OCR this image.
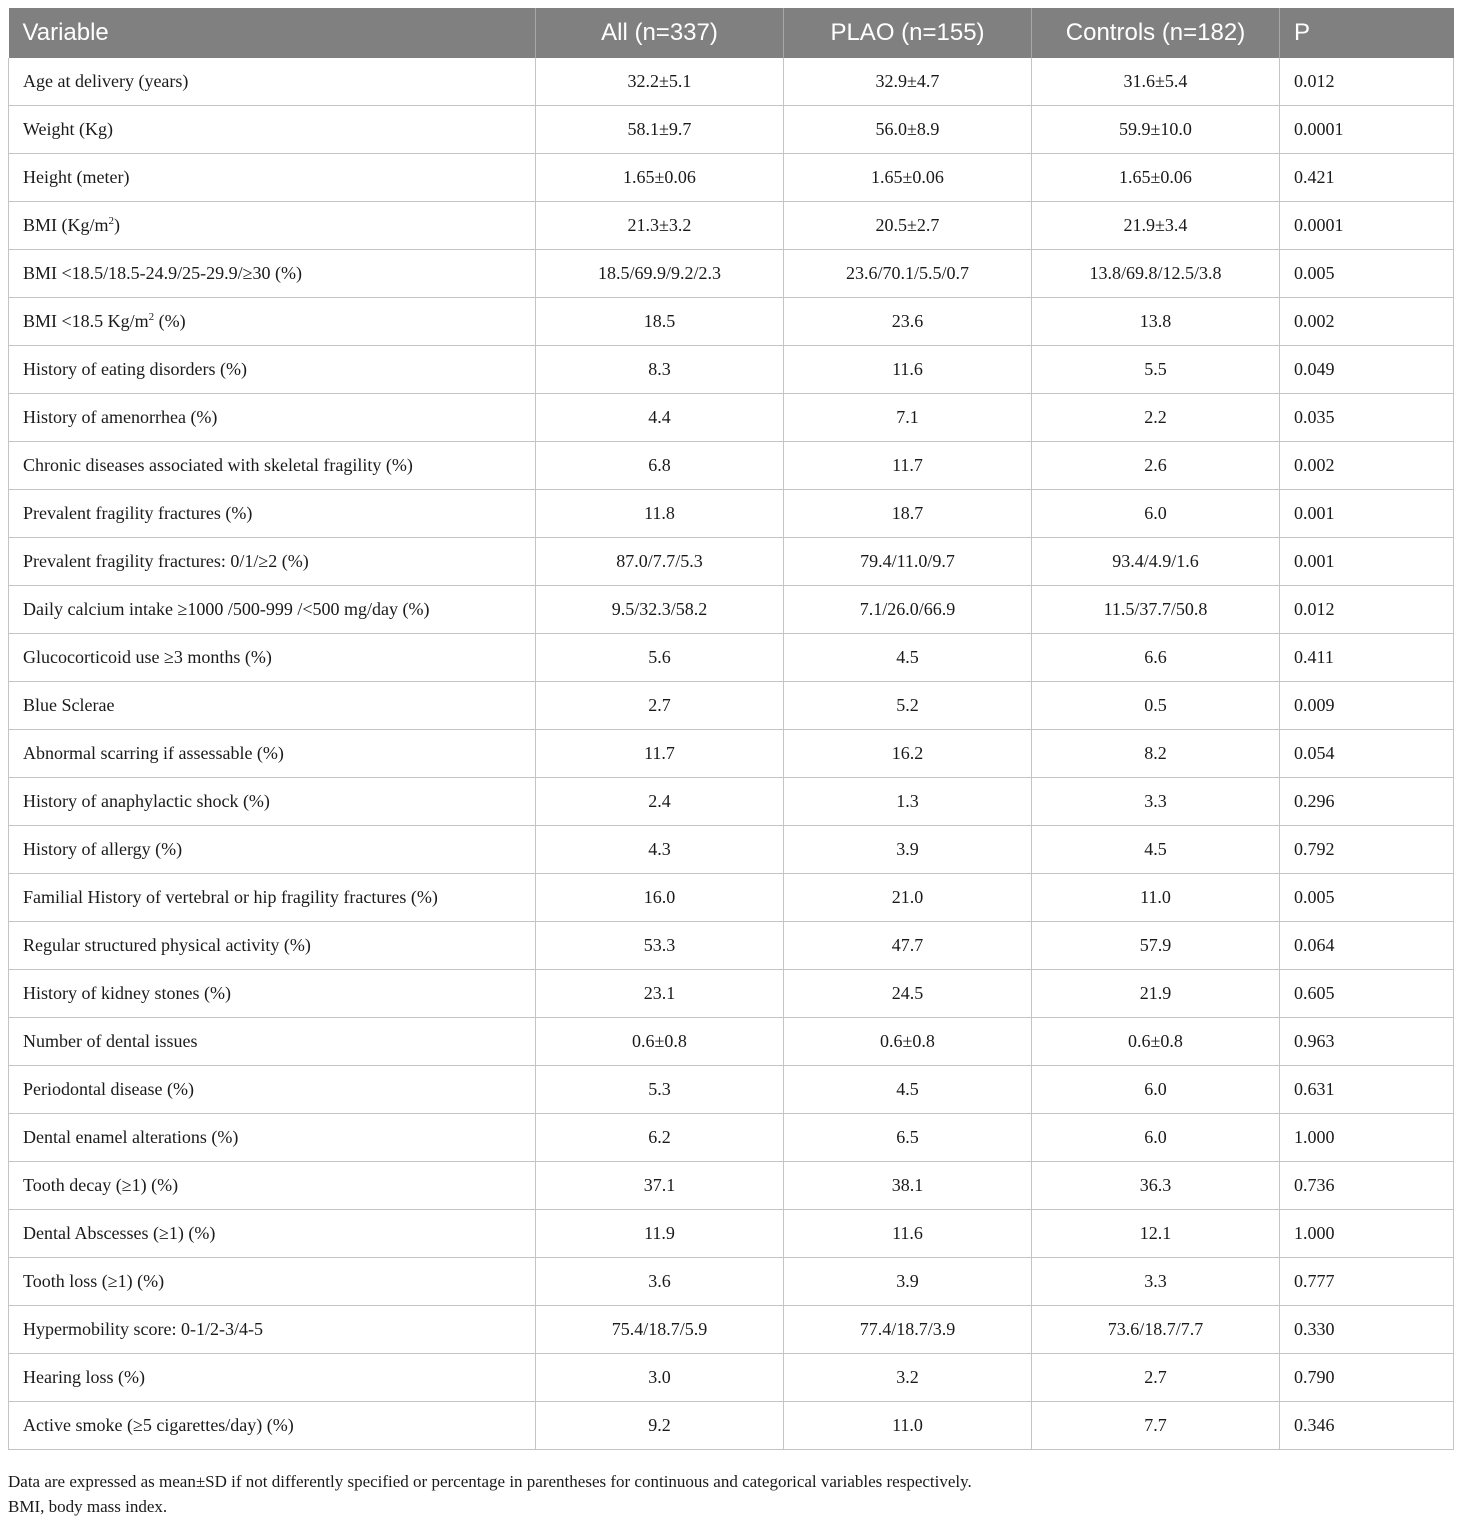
Variable	All (n=337)	PLAO (n=155)	Controls (n=182)	P
Age at delivery (years)	32.2±5.1	32.9±4.7	31.6±5.4	0.012
Weight (Kg)	58.1±9.7	56.0±8.9	59.9±10.0	0.0001
Height (meter)	1.65±0.06	1.65±0.06	1.65±0.06	0.421
BMI $(Kg/m^2)$	21.3±3.2	20.5±2.7	21.9±3.4	0.0001
BMI <18.5/18.5-24.9/25-29.9/≥30 (%)	18.5/69.9/9.2/2.3	23.6/70.1/5.5/0.7	13.8/69.8/12.5/3.8	0.005
BMI <18.5 $Kg/m^2$ (%)	18.5	23.6	13.8	0.002
History of eating disorders (%)	8.3	11.6	5.5	0.049
History of amenorrhea (%)	4.4	7.1	2.2	0.035
Chronic diseases associated with skeletal fragility (%)	6.8	11.7	2.6	0.002
Prevalent fragility fractures (%)	11.8	18.7	6.0	0.001
Prevalent fragility fractures: 0/1/≥2 (%)	87.0/7.7/5.3	79.4/11.0/9.7	93.4/4.9/1.6	0.001
Daily calcium intake ≥1000 /500-999 /<500 mg/day (%)	9.5/32.3/58.2	7.1/26.0/66.9	11.5/37.7/50.8	0.012
Glucocorticoid use ≥3 months (%)	5.6	4.5	6.6	0.411
Blue Sclerae	2.7	5.2	0.5	0.009
Abnormal scarring if assessable (%)	11.7	16.2	8.2	0.054
History of anaphylactic shock (%)	2.4	1.3	3.3	0.296
History of allergy (%)	4.3	3.9	4.5	0.792
Familial History of vertebral or hip fragility fractures (%)	16.0	21.0	11.0	0.005
Regular structured physical activity (%)	53.3	47.7	57.9	0.064
History of kidney stones (%)	23.1	24.5	21.9	0.605
Number of dental issues	0.6±0.8	0.6±0.8	0.6±0.8	0.963
Periodontal disease (%)	5.3	4.5	6.0	0.631
Dental enamel alterations (%)	6.2	6.5	6.0	1.000
Tooth decay (≥1) (%)	37.1	38.1	36.3	0.736
Dental Abscesses (≥1) (%)	11.9	11.6	12.1	1.000
Tooth loss (≥1) (%)	3.6	3.9	3.3	0.777
Hypermobility score: 0-1/2-3/4-5	75.4/18.7/5.9	77.4/18.7/3.9	73.6/18.7/7.7	0.330
Hearing loss (%)	3.0	3.2	2.7	0.790
Active smoke (≥5 cigarettes/day) (%)	9.2	11.0	7.7	0.346
Data are expressed as mean±SD if not differently specified or percentage in parentheses for continuous and categorical variables respectively.
BMI, body mass index.
